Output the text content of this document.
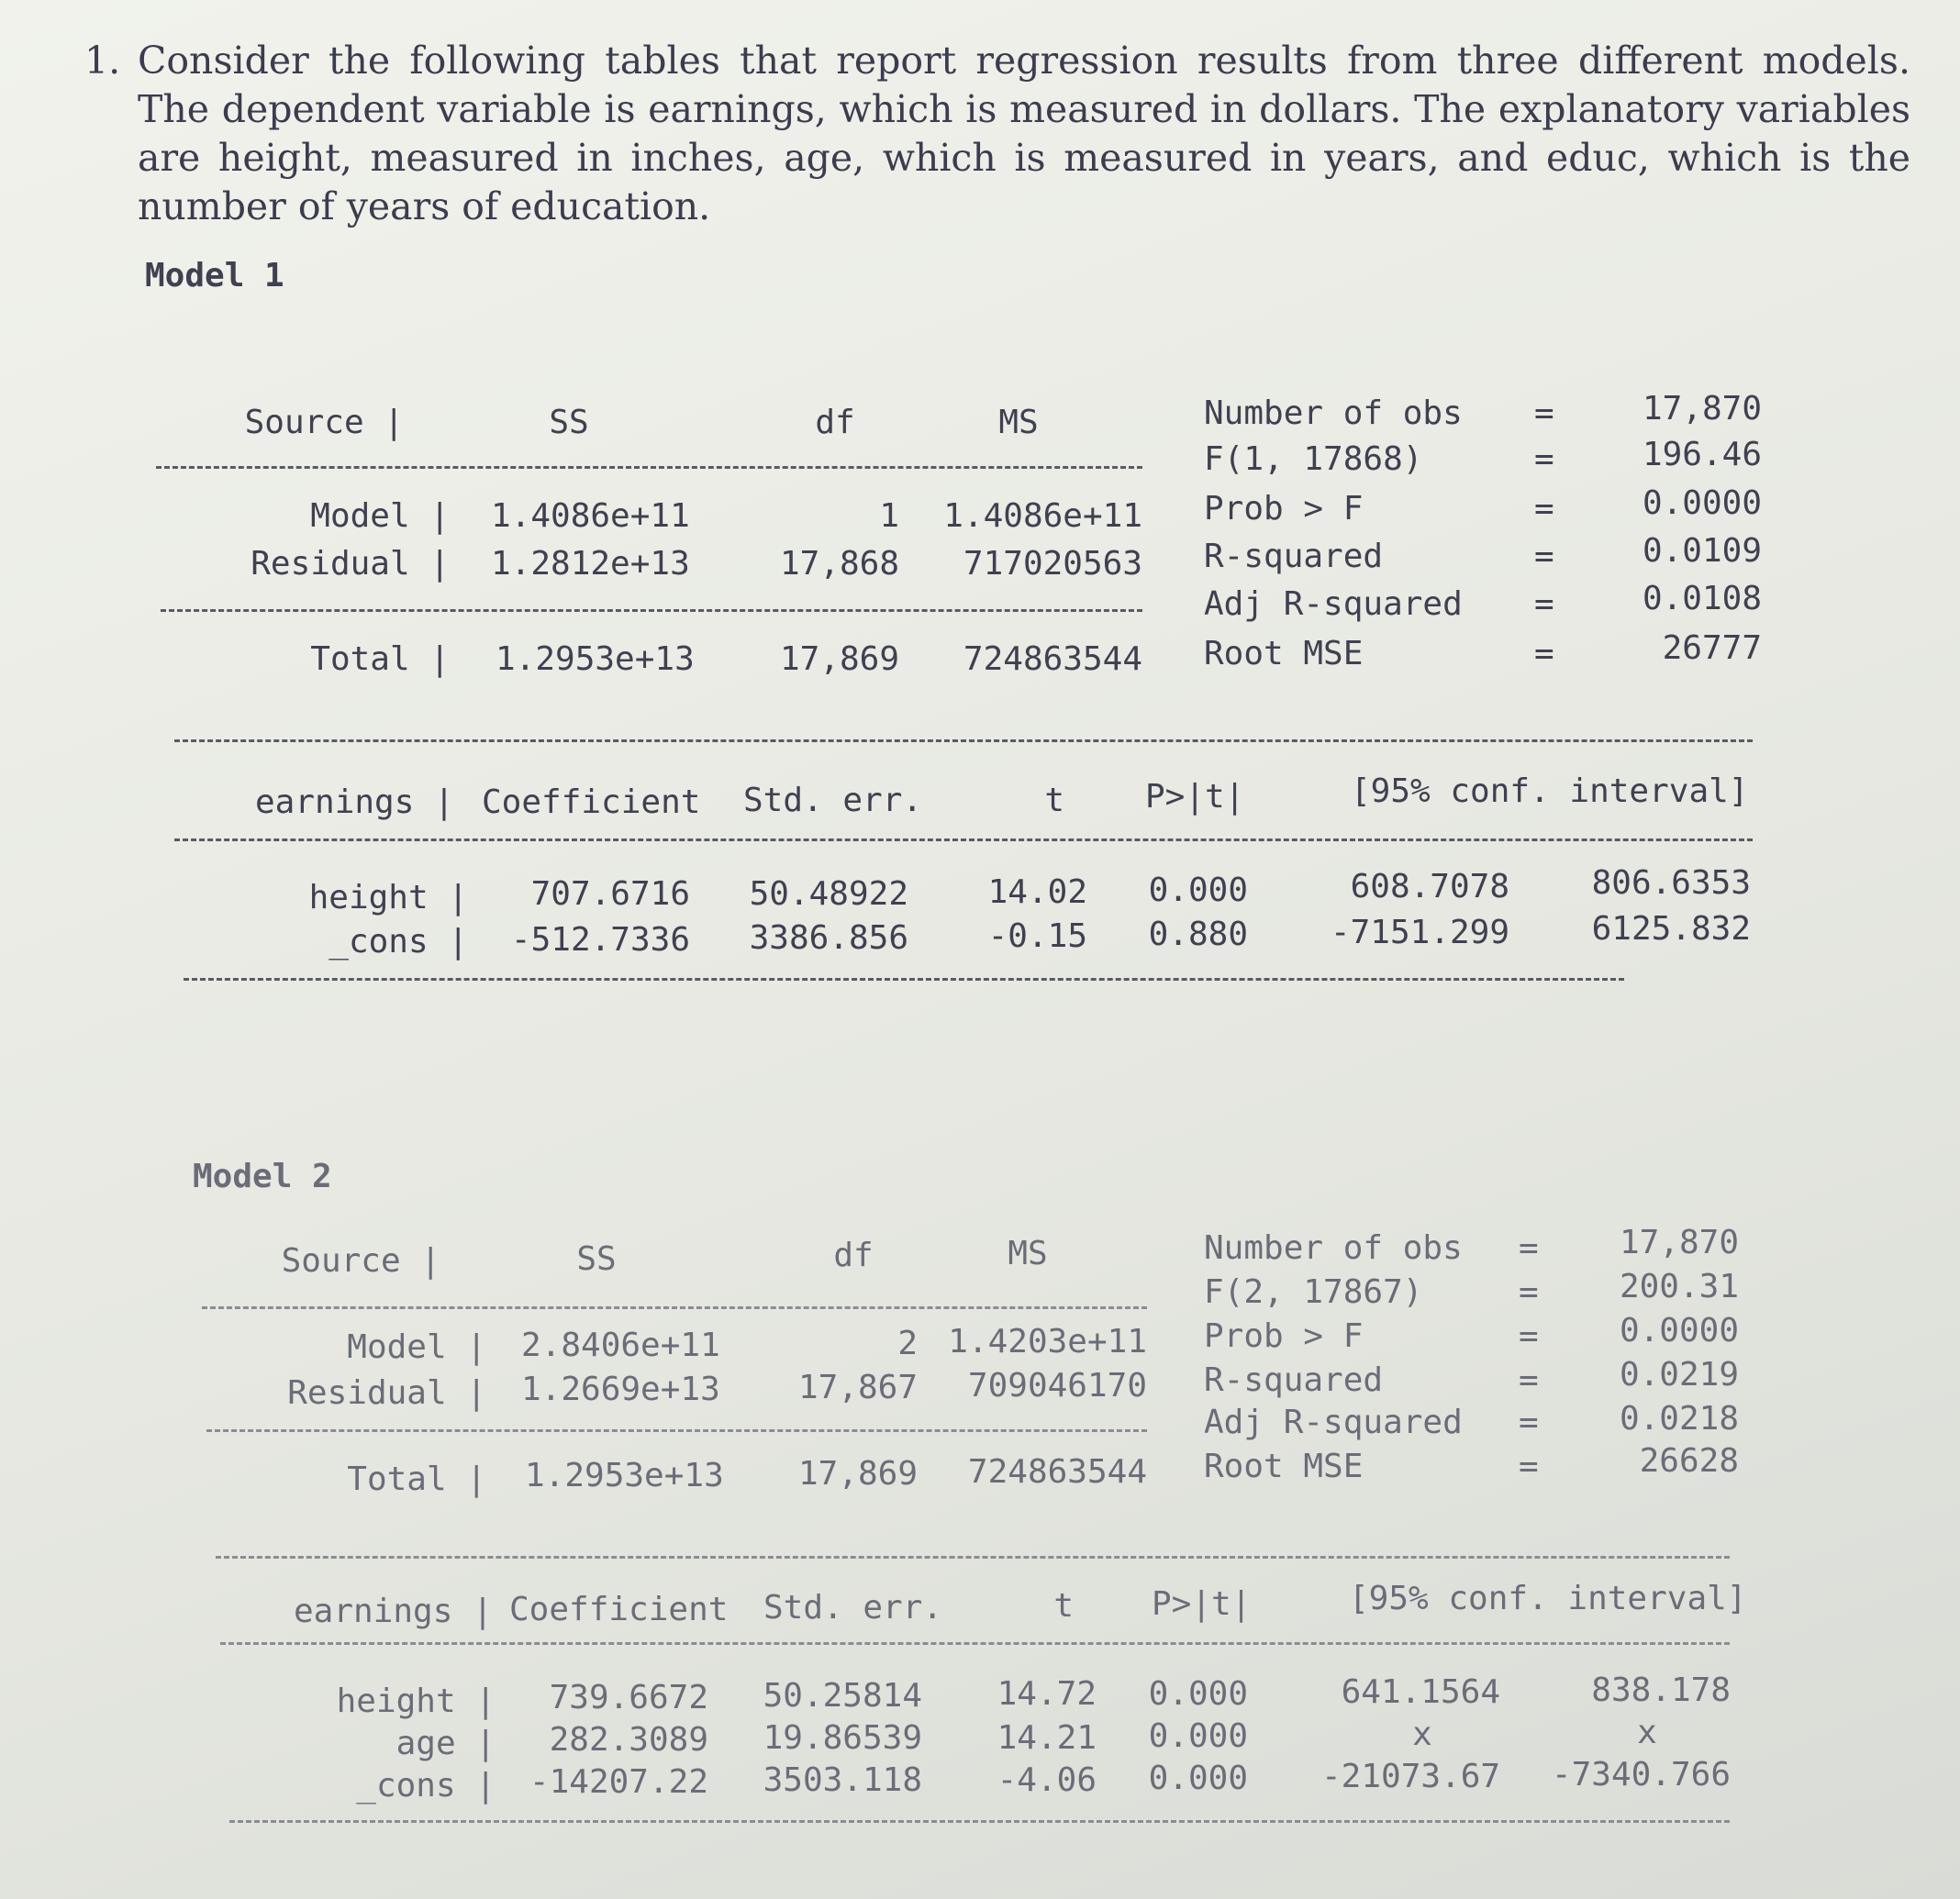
1. Consider the following tables that report regression results from three different models. The dependent variable is earnings, which is measured in dollars. The explanatory variables are height, measured in inches, age, which is measured in years, and educ, which is the number of years of education.
Model 1
Source |	SS	df	MS
Model | 1.4086e+11	1	1.4086e+11
Residual | 1.2812e+13	17,868	717020563
Total | 1.2953e+13	17,869	724863544
Number of obs =	17,870
F(1, 17868)	=	196.46
Prob > F	=	0.0000
R-squared	=	0.0109
Adj R-squared =	0.0108
Root MSE	=	26777
earnings | Coefficient Std. err.	t P>|t|	[95% conf. interval]
height |	707.6716	50.48922	14.02	0.000	608.7078	806.6353
_cons |	-512.7336	3386.856	-0.15	0.880 -7151.299	6125.832
Model 2
Source |	SS	df	MS
Model | 2.8406e+11	2 1.4203e+11
Residual | 1.2669e+13	17,867	709046170
Total | 1.2953e+13	17,869	724863544
Number of obs =	17,870
F(2, 17867)	=	200.31
Prob > F	=	0.0000
R-squared	=	0.0219
Adj R-squared =	0.0218
Root MSE	=	26628
earnings | Coefficient Std. err.	t P>|t|	[95% conf. interval]
height |	739.6672	50.25814	14.72	0.000	641.1564	838.178
age |	282.3089	19.86539	14.21	0.000	x	x
_cons |	-14207.22	3503.118	-4.06	0.000 -21073.67 -7340.766
